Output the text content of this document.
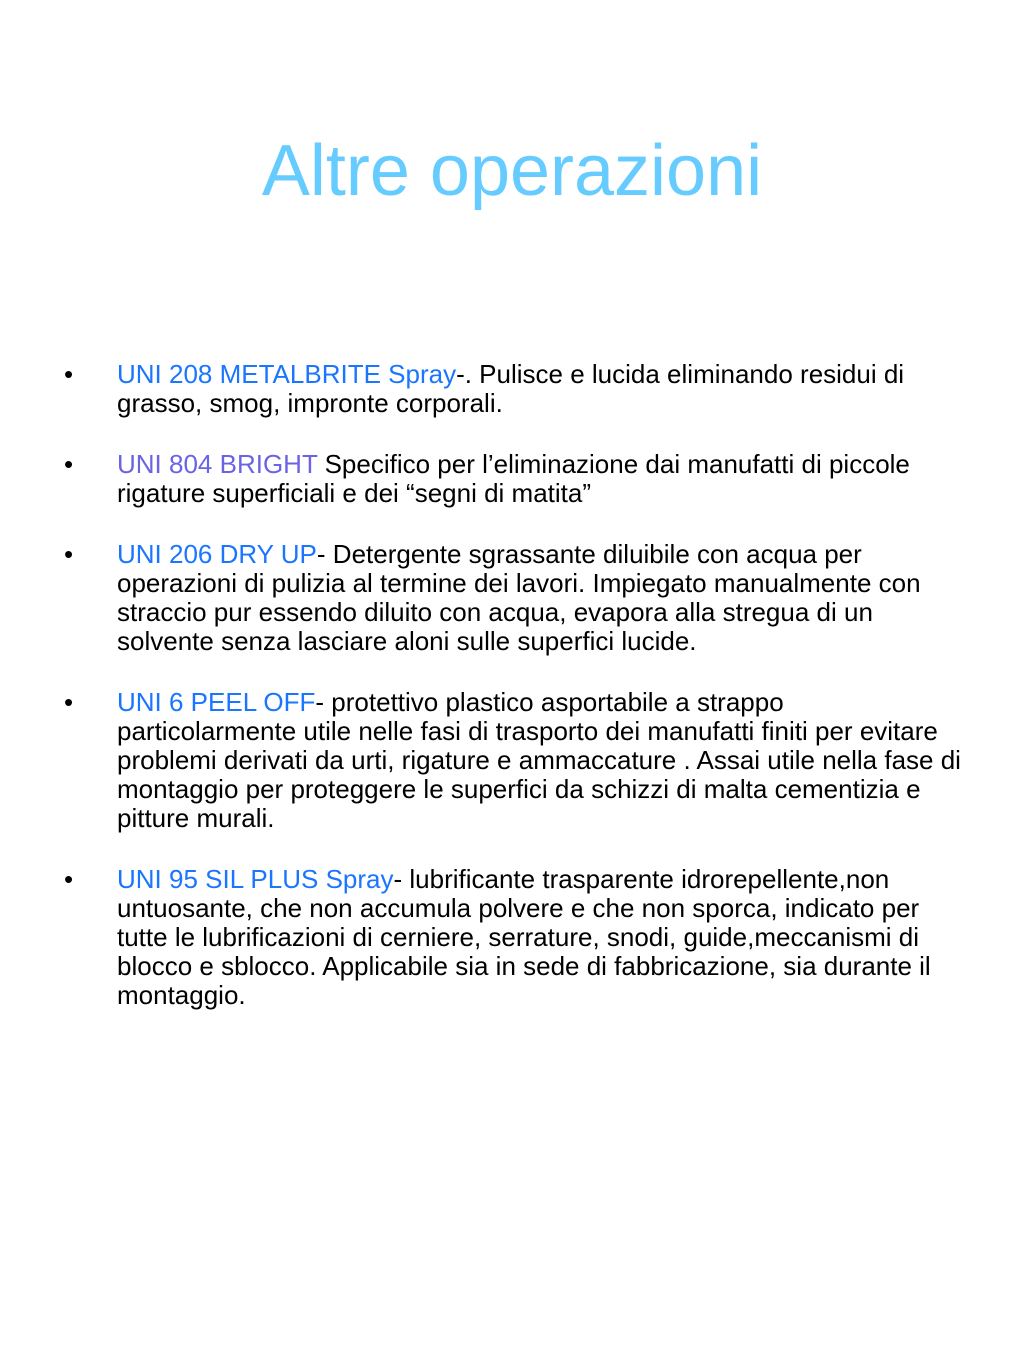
Altre operazioni
•	UNI 208 METALBRITE Spray-. Pulisce e lucida eliminando residui di grasso, smog, impronte corporali.
•	UNI 804 BRIGHT Specifico per l’eliminazione dai manufatti di piccole rigature superficiali e dei “segni di matita”
•	UNI 206 DRY UP- Detergente sgrassante diluibile con acqua per operazioni di pulizia al termine dei lavori. Impiegato manualmente con straccio pur essendo diluito con acqua, evapora alla stregua di un solvente senza lasciare aloni sulle superfici lucide.
•	UNI 6 PEEL OFF- protettivo plastico asportabile a strappo particolarmente utile nelle fasi di trasporto dei manufatti finiti per evitare problemi derivati da urti, rigature e ammaccature . Assai utile nella fase di montaggio per proteggere le superfici da schizzi di malta cementizia e pitture murali.
•	UNI 95 SIL PLUS Spray- lubrificante trasparente idrorepellente,non untuosante, che non accumula polvere e che non sporca, indicato per tutte le lubrificazioni di cerniere, serrature, snodi, guide,meccanismi di blocco e sblocco. Applicabile sia in sede di fabbricazione, sia durante il montaggio.
